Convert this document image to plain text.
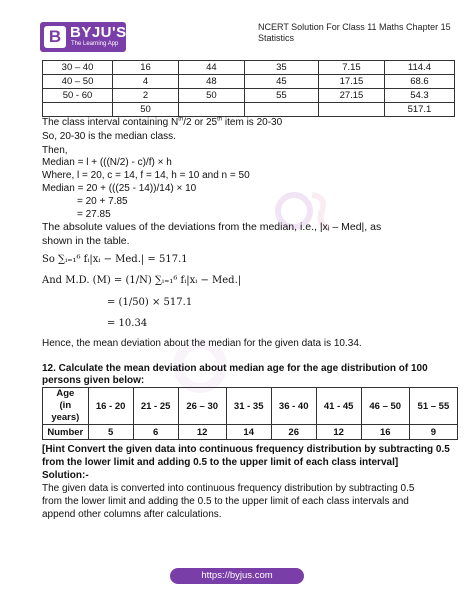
B BYJU'S
The Learning App
NCERT Solution For Class 11 Maths Chapter 15
Statistics
30 – 40	16	44	35	7.15	114.4
40 – 50	4	48	45	17.15	68.6
50 - 60	2	50	55	27.15	54.3
	50				517.1
The class interval containing $N^{th}/2$ or 25th item is 20-30
So, 20-30 is the median class.
Then,
Median = l + (((N/2) - c)/f) × h
Where, l = 20, c = 14, f = 14, h = 10 and n = 50
Median = 20 + (((25 - 14))/14) × 10
= 20 + 7.85
= 27.85
The absolute values of the deviations from the median, i.e., |xᵢ – Med|, as
shown in the table.
So ∑ᵢ₌₁⁶ fᵢ|xᵢ − Med.| = 517.1
And M.D. (M) = (1/N) ∑ᵢ₌₁⁶ fᵢ|xᵢ − Med.|
= (1/50) × 517.1
= 10.34
Hence, the mean deviation about the median for the given data is 10.34.
12. Calculate the mean deviation about median age for the age distribution of 100
persons given below:
Age
(in
years)	16 - 20	21 - 25	26 – 30	31 - 35	36 - 40	41 - 45	46 – 50	51 – 55
Number	5	6	12	14	26	12	16	9
[Hint Convert the given data into continuous frequency distribution by subtracting 0.5
from the lower limit and adding 0.5 to the upper limit of each class interval]
Solution:-
The given data is converted into continuous frequency distribution by subtracting 0.5
from the lower limit and adding the 0.5 to the upper limit of each class intervals and
append other columns after calculations.
https://byjus.com
